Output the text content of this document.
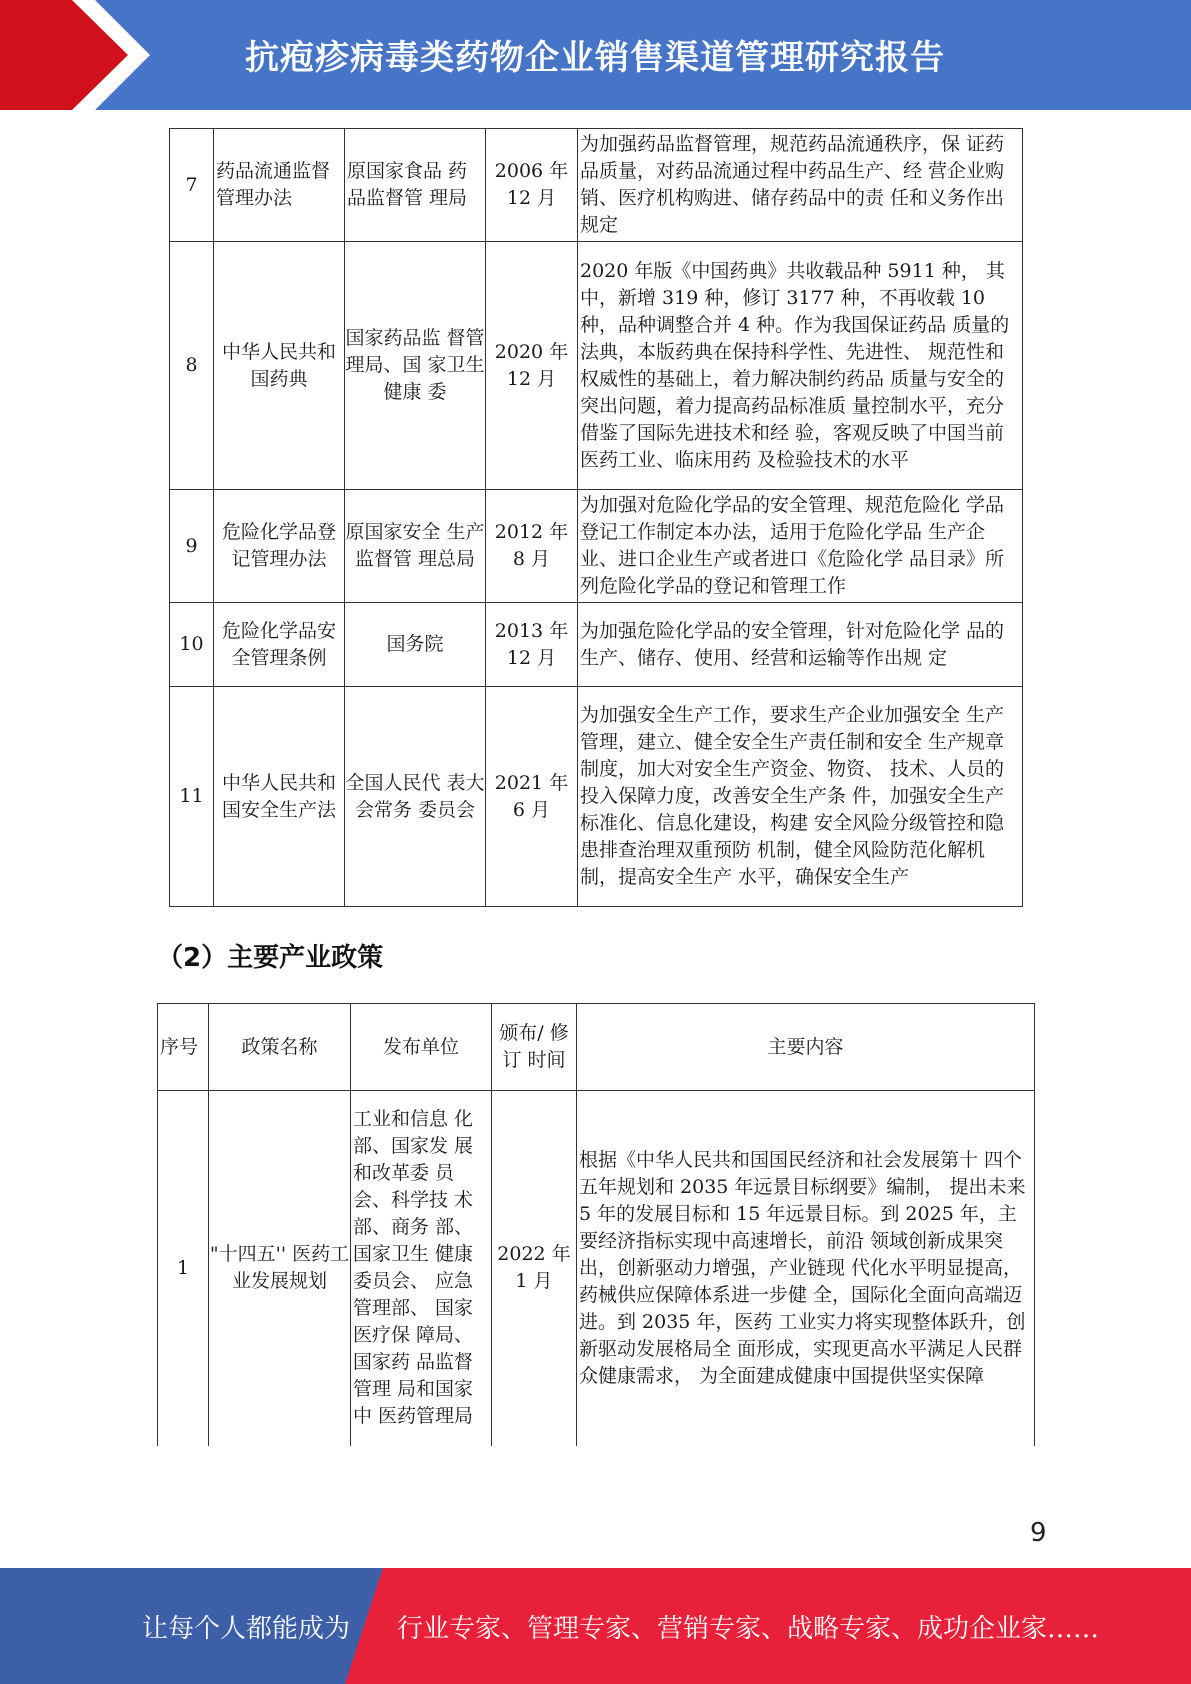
抗疱疹病毒类药物企业销售渠道管理研究报告
7	药品流通监督管理办法	原国家食品 药品监督管 理局	2006 年 12 月	为加强药品监督管理，规范药品流通秩序，保 证药品质量，对药品流通过程中药品生产、经 营企业购销、医疗机构购进、储存药品中的责 任和义务作出规定
8	中华人民共和国药典	国家药品监 督管理局、国 家卫生健康 委	2020 年 12 月	2020 年版《中国药典》共收载品种 5911 种， 其中，新增 319 种，修订 3177 种，不再收载 10 种，品种调整合并 4 种。作为我国保证药品 质量的法典，本版药典在保持科学性、先进性、 规范性和权威性的基础上，着力解决制约药品 质量与安全的突出问题，着力提高药品标准质 量控制水平，充分借鉴了国际先进技术和经 验，客观反映了中国当前医药工业、临床用药 及检验技术的水平
9	危险化学品登记管理办法	原国家安全 生产监督管 理总局	2012 年 8 月	为加强对危险化学品的安全管理、规范危险化 学品登记工作制定本办法，适用于危险化学品 生产企业、进口企业生产或者进口《危险化学 品目录》所列危险化学品的登记和管理工作
10	危险化学品安全管理条例	国务院	2013 年 12 月	为加强危险化学品的安全管理，针对危险化学 品的生产、储存、使用、经营和运输等作出规 定
11	中华人民共和国安全生产法	全国人民代 表大会常务 委员会	2021 年 6 月	为加强安全生产工作，要求生产企业加强安全 生产管理，建立、健全安全生产责任制和安全 生产规章制度，加大对安全生产资金、物资、 技术、人员的投入保障力度，改善安全生产条 件，加强安全生产标准化、信息化建设，构建 安全风险分级管控和隐患排查治理双重预防 机制，健全风险防范化解机制，提高安全生产 水平，确保安全生产
（2）主要产业政策
序号	政策名称	发布单位	颁布/ 修订 时间	主要内容
1	"十四五'' 医药工业发展规划	工业和信息 化部、国家发 展和改革委 员会、科学技 术部、商务 部、国家卫生 健康委员会、 应急管理部、 国家医疗保 障局、国家药 品监督管理 局和国家中 医药管理局	2022 年 1 月	根据《中华人民共和国国民经济和社会发展第十 四个五年规划和 2035 年远景目标纲要》编制， 提出未来 5 年的发展目标和 15 年远景目标。到 2025 年，主要经济指标实现中高速增长，前沿 领域创新成果突出，创新驱动力增强，产业链现 代化水平明显提高，药械供应保障体系进一步健 全，国际化全面向高端迈进。到 2035 年，医药 工业实力将实现整体跃升，创新驱动发展格局全 面形成，实现更高水平满足人民群众健康需求， 为全面建成健康中国提供坚实保障
9
让每个人都能成为 行业专家、管理专家、营销专家、战略专家、成功企业家……
